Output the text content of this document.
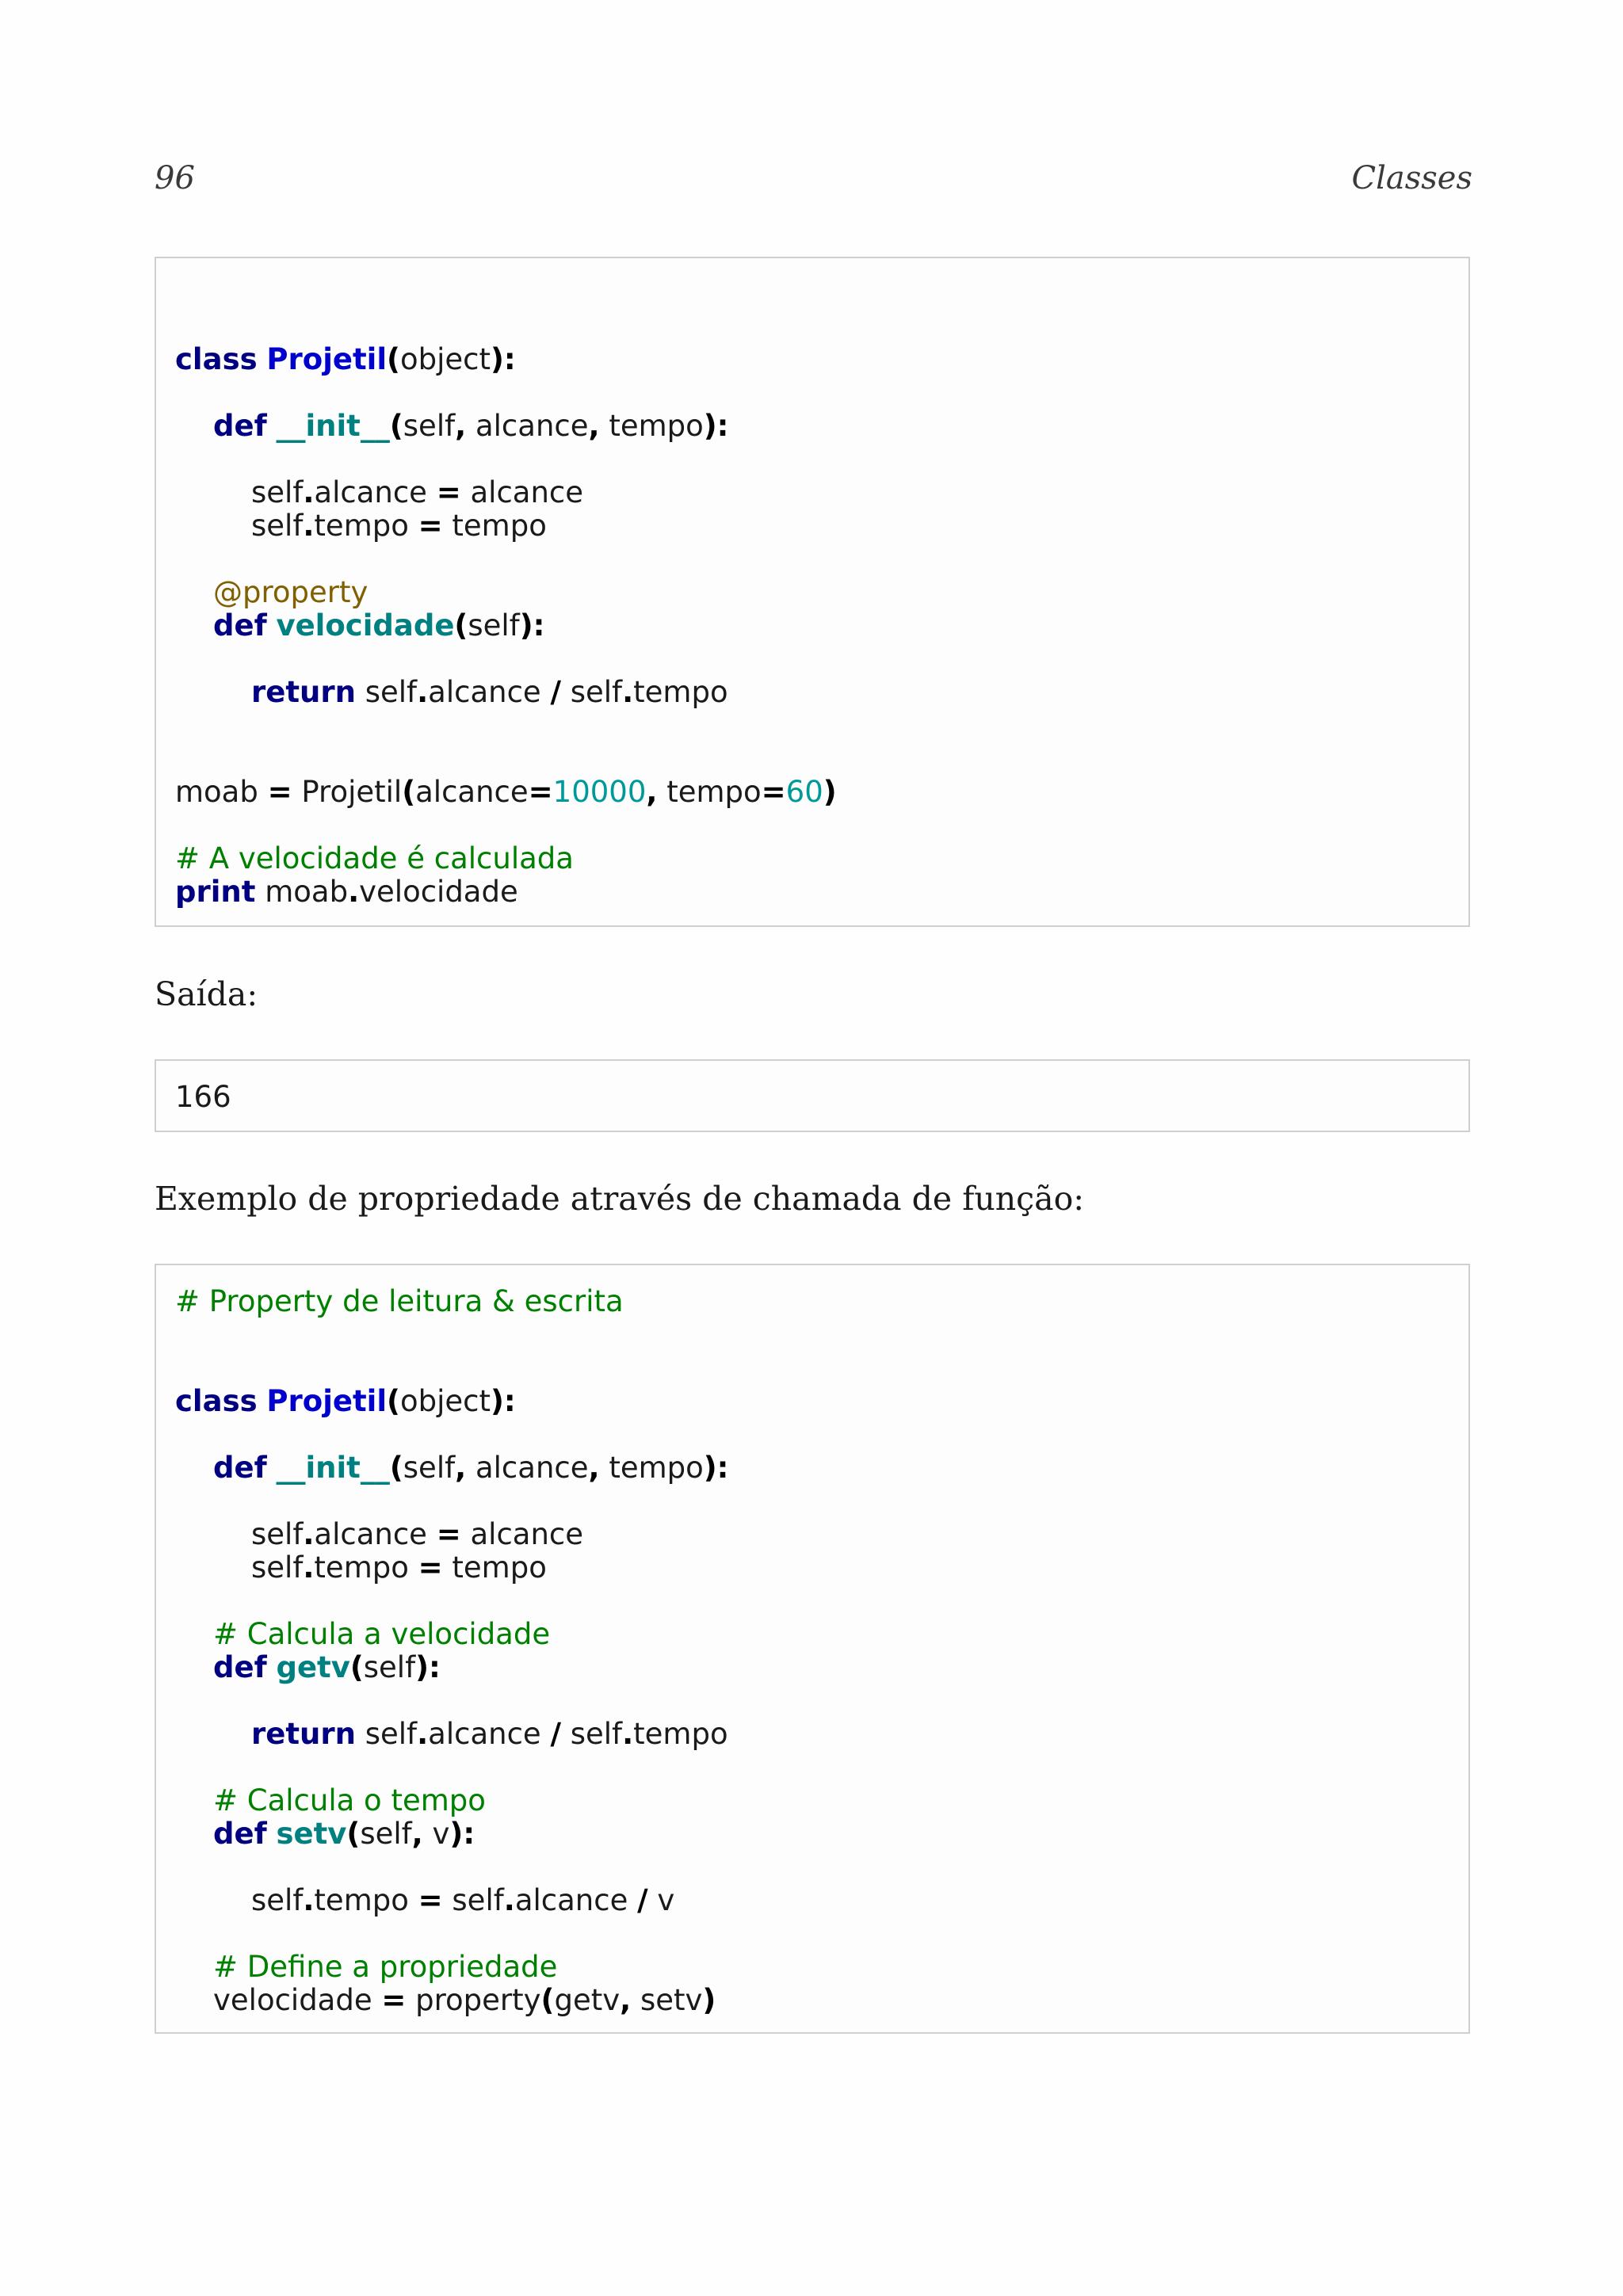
96	Classes
class Projetil(object):
def __init__(self, alcance, tempo):
self.alcance = alcance
self.tempo = tempo
@property
def velocidade(self):
return self.alcance / self.tempo
moab = Projetil(alcance=10000, tempo=60)
# A velocidade é calculada
print moab.velocidade
Saída:
166
Exemplo de propriedade através de chamada de função:
# Property de leitura & escrita
class Projetil(object):
def __init__(self, alcance, tempo):
self.alcance = alcance
self.tempo = tempo
# Calcula a velocidade
def getv(self):
return self.alcance / self.tempo
# Calcula o tempo
def setv(self, v):
self.tempo = self.alcance / v
# Define a propriedade
velocidade = property(getv, setv)
